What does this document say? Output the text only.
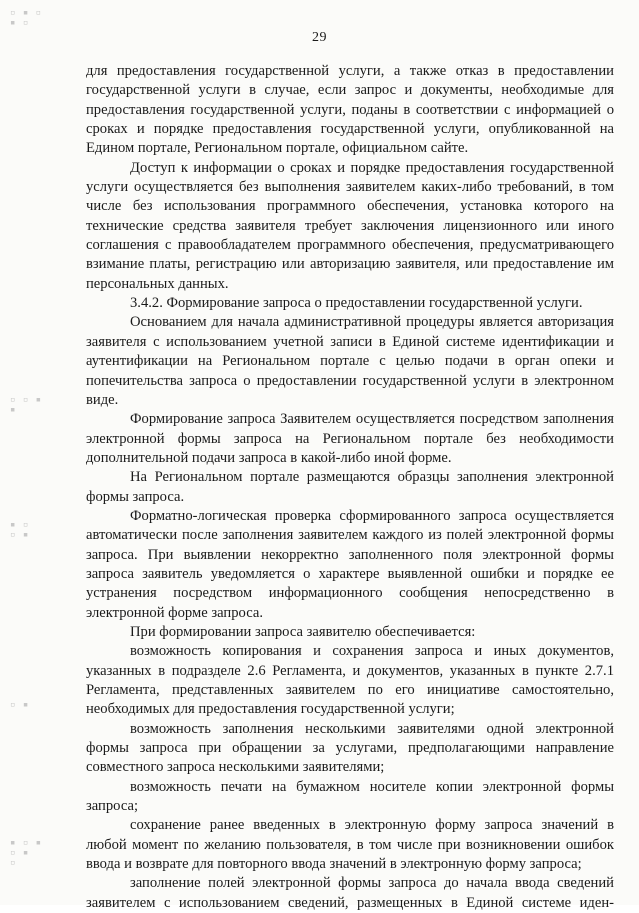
▫ ▪ ▫
▪ ▫
▫ ▫ ▪
▪
▪ ▫
▫ ▪
▫ ▪
▪ ▫ ▪
▫ ▪
▫
29

для предоставления государственной услуги, а также отказ в предоставлении государственной услуги в случае, если запрос и документы, необходимые для предоставления государственной услуги, поданы в соответствии с информацией о сроках и порядке предоставления государственной услуги, опубликованной на Едином портале, Региональном портале, официальном сайте.

Доступ к информации о сроках и порядке предоставления государственной услуги осуществляется без выполнения заявителем каких-либо требований, в том числе без использования программного обеспечения, установка которого на технические средства заявителя требует заключения лицензионного или иного соглашения с правообладателем программного обеспечения, предусматривающего взимание платы, регистрацию или авторизацию заявителя, или предоставление им персональных данных.

3.4.2. Формирование запроса о предоставлении государственной услуги.

Основанием для начала административной процедуры является авторизация заявителя с использованием учетной записи в Единой системе идентификации и аутентификации на Региональном портале с целью подачи в орган опеки и попечительства запроса о предоставлении государственной услуги в электронном виде.

Формирование запроса Заявителем осуществляется посредством заполнения электронной формы запроса на Региональном портале без необходимости дополнительной подачи запроса в какой-либо иной форме.

На Региональном портале размещаются образцы заполнения электронной формы запроса.

Форматно-логическая проверка сформированного запроса осуществляется автоматически после заполнения заявителем каждого из полей электронной формы запроса. При выявлении некорректно заполненного поля электронной формы запроса заявитель уведомляется о характере выявленной ошибки и порядке ее устранения посредством информационного сообщения непосредственно в электронной форме запроса.

При формировании запроса заявителю обеспечивается:

возможность копирования и сохранения запроса и иных документов, указанных в подразделе 2.6 Регламента, и документов, указанных в пункте 2.7.1 Регламента, представленных заявителем по его инициативе самостоятельно, необходимых для предоставления государственной услуги;

возможность заполнения несколькими заявителями одной электронной формы запроса при обращении за услугами, предполагающими направление совместного запроса несколькими заявителями;

возможность печати на бумажном носителе копии электронной формы запроса;

сохранение ранее введенных в электронную форму запроса значений в любой момент по желанию пользователя, в том числе при возникновении ошибок ввода и возврате для повторного ввода значений в электронную форму запроса;

заполнение полей электронной формы запроса до начала ввода сведений заявителем с использованием сведений, размещенных в Единой системе иден-
